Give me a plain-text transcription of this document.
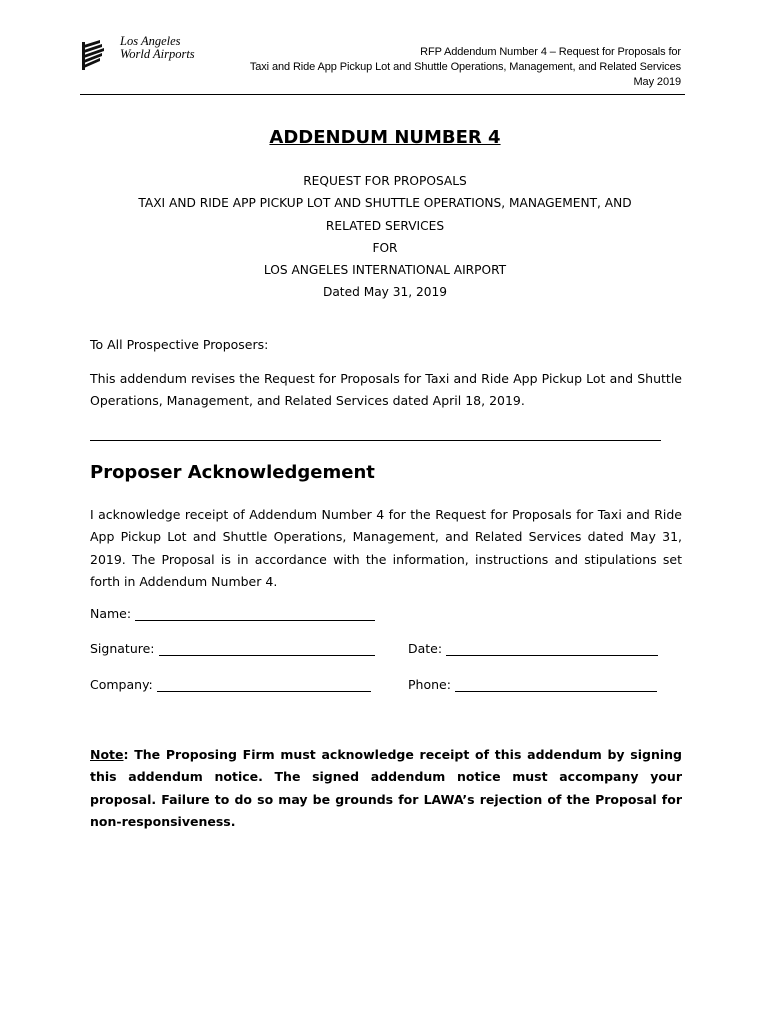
Los Angeles
World Airports	RFP Addendum Number 4 – Request for Proposals for
Taxi and Ride App Pickup Lot and Shuttle Operations, Management, and Related Services
May 2019
ADDENDUM NUMBER 4
REQUEST FOR PROPOSALS
TAXI AND RIDE APP PICKUP LOT AND SHUTTLE OPERATIONS, MANAGEMENT, AND
RELATED SERVICES
FOR
LOS ANGELES INTERNATIONAL AIRPORT
Dated May 31, 2019
To All Prospective Proposers:
This addendum revises the Request for Proposals for Taxi and Ride App Pickup Lot and Shuttle Operations, Management, and Related Services dated April 18, 2019.
Proposer Acknowledgement
I acknowledge receipt of Addendum Number 4 for the Request for Proposals for Taxi and Ride App Pickup Lot and Shuttle Operations, Management, and Related Services dated May 31, 2019. The Proposal is in accordance with the information, instructions and stipulations set forth in Addendum Number 4.
Name:
Signature:	Date:
Company:	Phone:
Note: The Proposing Firm must acknowledge receipt of this addendum by signing this addendum notice. The signed addendum notice must accompany your proposal. Failure to do so may be grounds for LAWA’s rejection of the Proposal for non-responsiveness.
